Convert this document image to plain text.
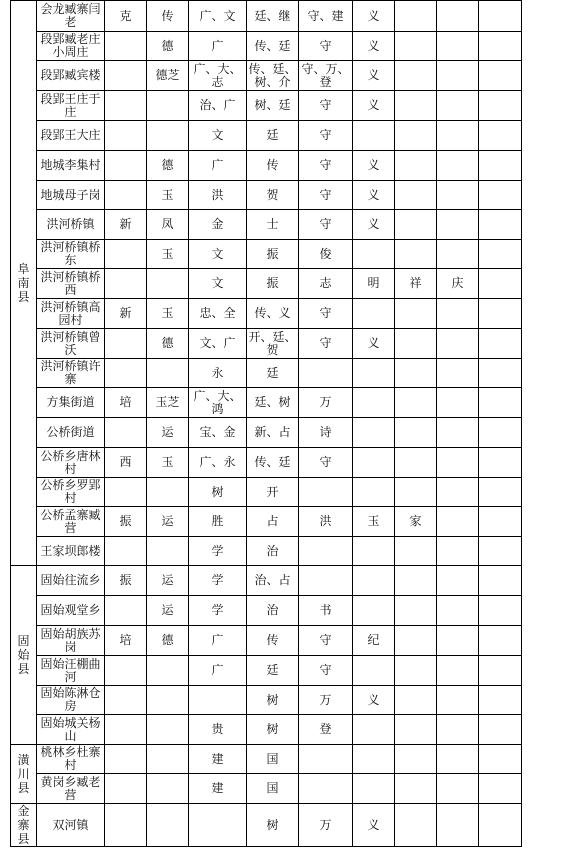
阜南县	会龙臧寨闫老	克	传	广、文	廷、继	守、建	义			
	段郢臧老庄小周庄		德	广	传、廷	守	义			
	段郢臧宾楼		德芝	广、大、志	传、廷、树、介	守、万、登	义			
	段郢王庄于庄			治、广	树、廷	守	义			
	段郢王大庄			文	廷	守				
	地城李集村		德	广	传	守	义			
	地城母子岗		玉	洪	贺	守	义			
	洪河桥镇	新	凤	金	士	守	义			
	洪河桥镇桥东		玉	文	振	俊				
	洪河桥镇桥西			文	振	志	明	祥	庆	
	洪河桥镇高园村	新	玉	忠、全	传、义	守				
	洪河桥镇曾沃		德	文、广	开、廷、贺	守	义			
	洪河桥镇许寨			永	廷					
	方集街道	培	玉芝	广、大、鸿	廷、树	万				
	公桥街道		运	宝、金	新、占	诗				
	公桥乡唐林村	西	玉	广、永	传、廷	守				
	公桥乡罗郢村			树	开					
	公桥孟寨臧营	振	运	胜	占	洪	玉	家		
	王家坝郎楼			学	治					
固始县	固始往流乡	振	运	学	治、占					
	固始观堂乡		运	学	治	书				
	固始胡族苏岗	培	德	广	传	守	纪			
	固始汪棚曲河			广	廷	守				
	固始陈淋仓房				树	万	义			
	固始城关杨山			贵	树	登				
潢川县	桃林乡杜寨村			建	国					
	黄岗乡臧老营			建	国					
金寨县	双河镇				树	万	义			
